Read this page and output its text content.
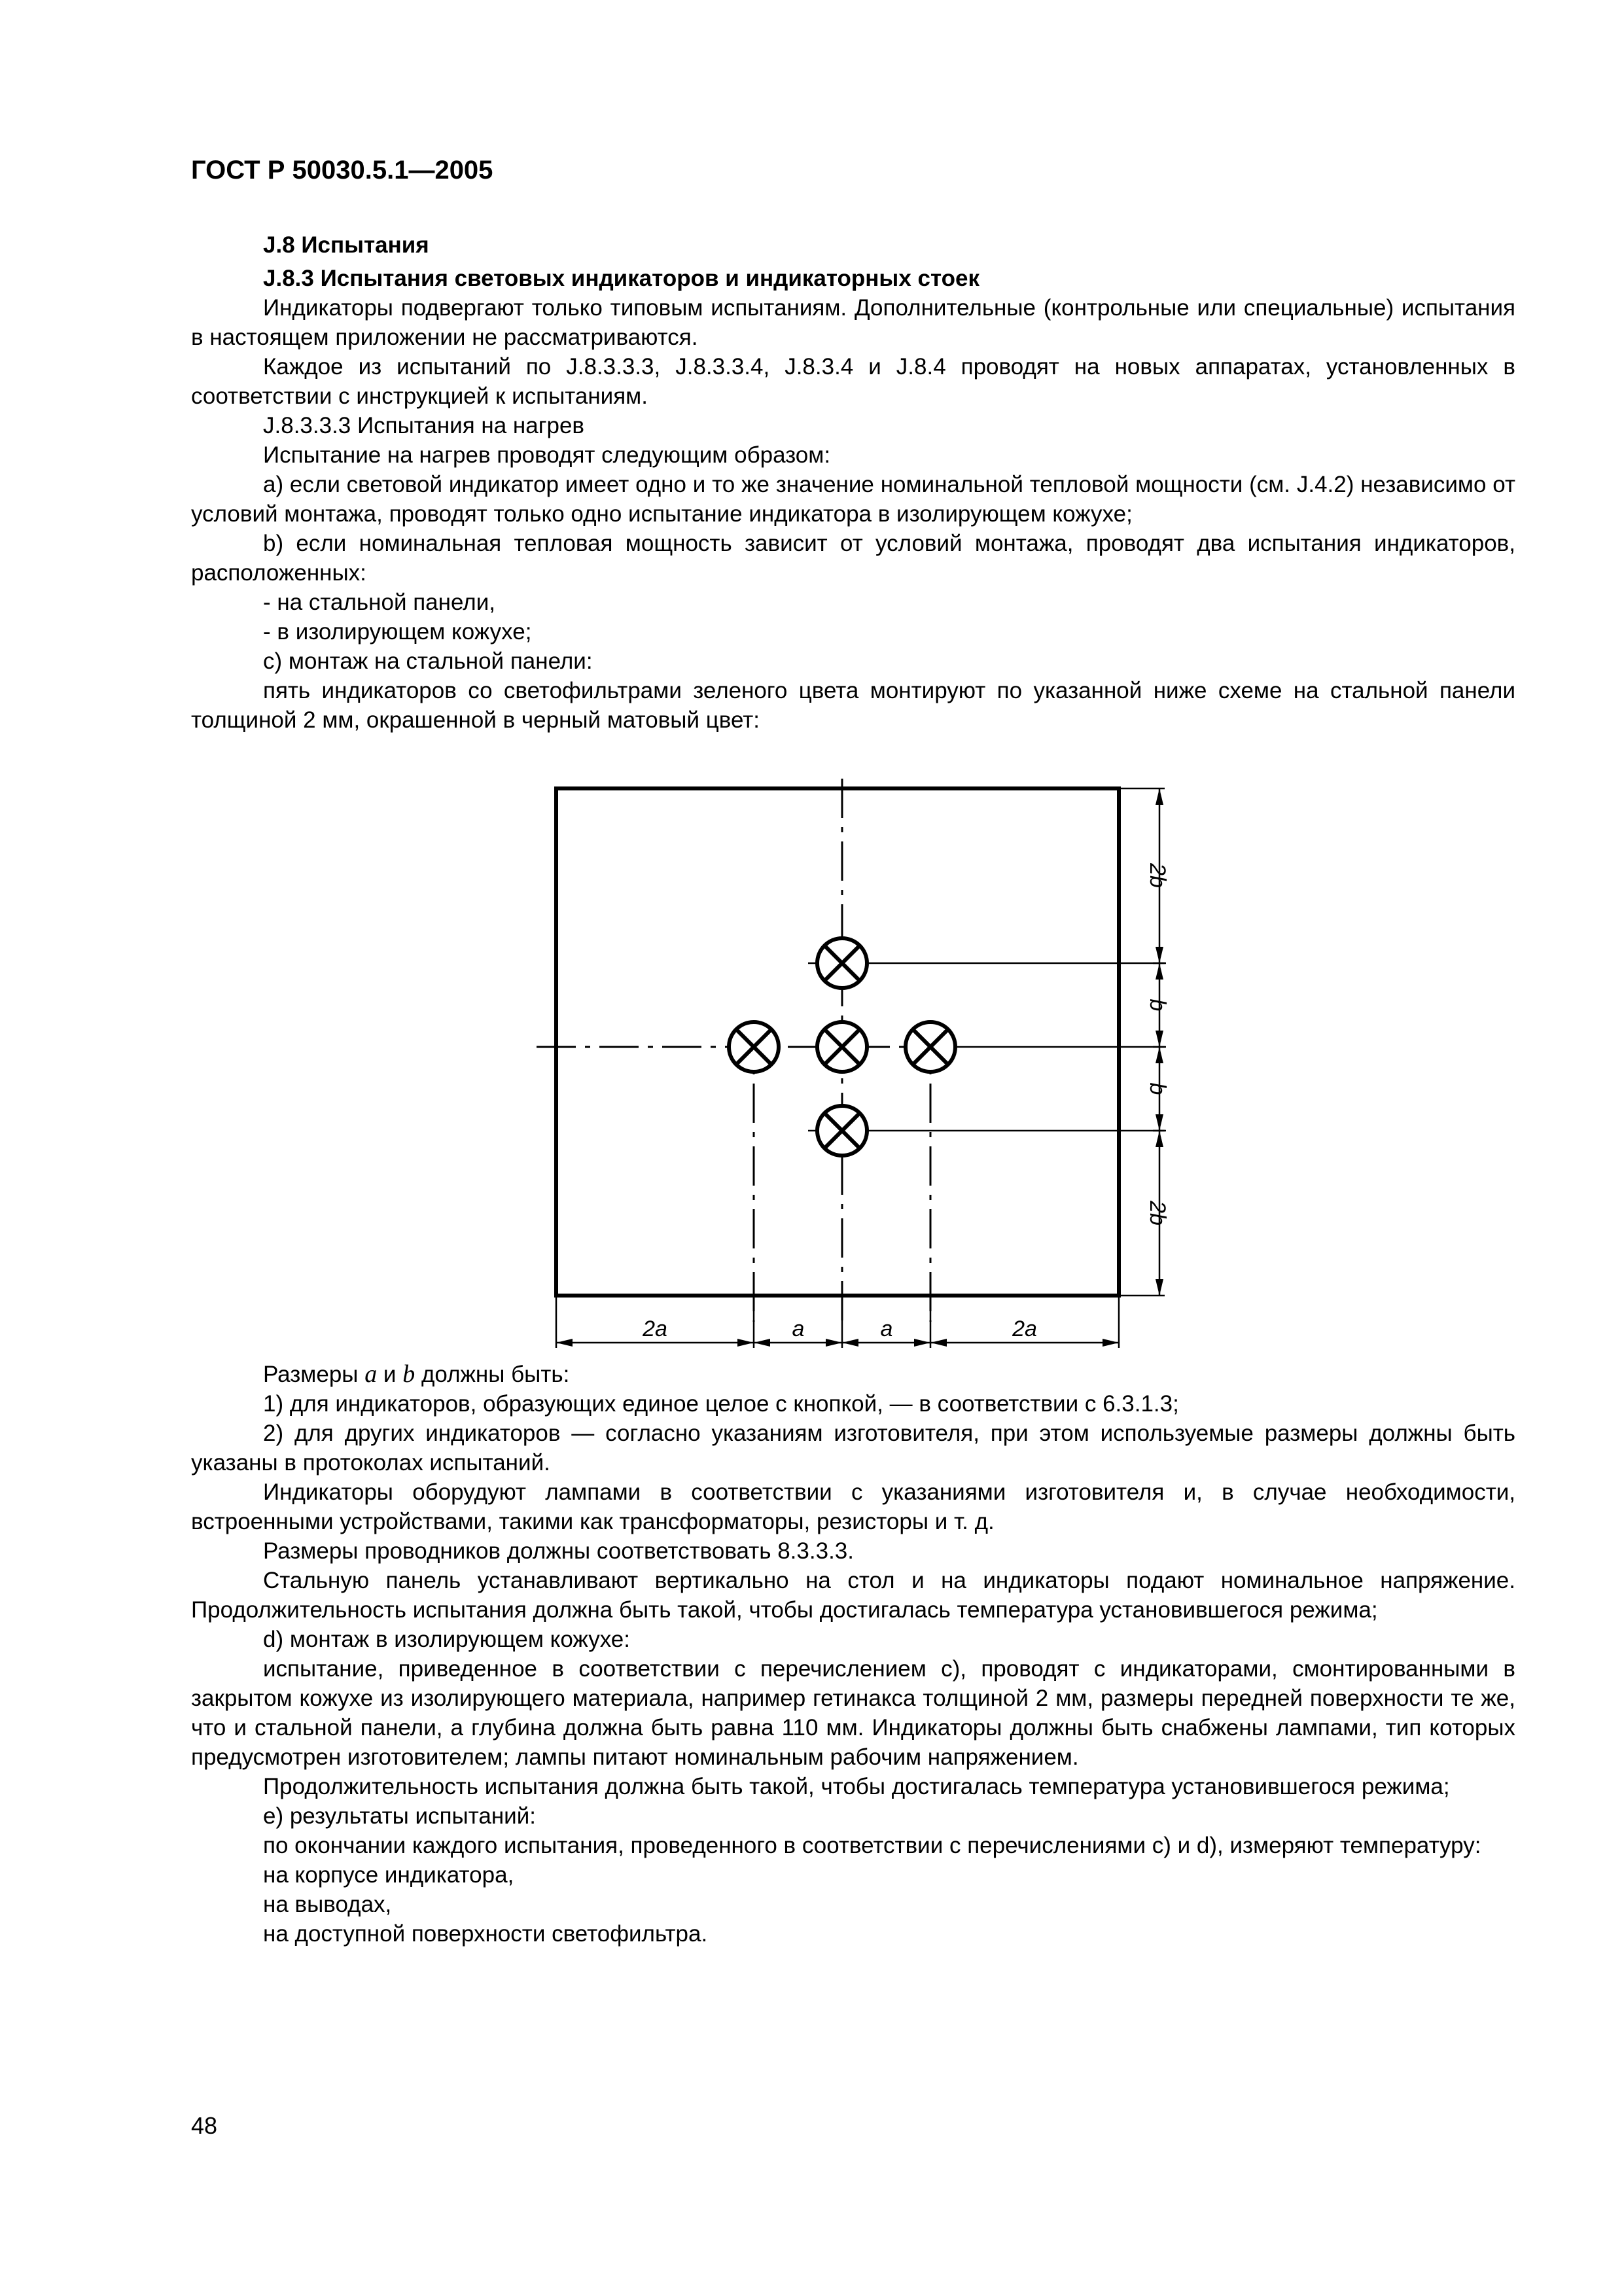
ГОСТ Р 50030.5.1—2005

J.8 Испытания

J.8.3 Испытания световых индикаторов и индикаторных стоек

Индикаторы подвергают только типовым испытаниям. Дополнительные (контрольные или специальные) испытания в настоящем приложении не рассматриваются.

Каждое из испытаний по J.8.3.3.3, J.8.3.3.4, J.8.3.4 и J.8.4 проводят на новых аппаратах, установленных в соответствии с инструкцией к испытаниям.

J.8.3.3.3 Испытания на нагрев

Испытание на нагрев проводят следующим образом:

a) если световой индикатор имеет одно и то же значение номинальной тепловой мощности (см. J.4.2) независимо от условий монтажа, проводят только одно испытание индикатора в изолирующем кожухе;

b) если номинальная тепловая мощность зависит от условий монтажа, проводят два испытания индикаторов, расположенных:

- на стальной панели,

- в изолирующем кожухе;

c) монтаж на стальной панели:

пять индикаторов со светофильтрами зеленого цвета монтируют по указанной ниже схеме на стальной панели толщиной 2 мм, окрашенной в черный матовый цвет:

2b
b
b
2b
2a	a	a	2a

Размеры a и b должны быть:

1) для индикаторов, образующих единое целое с кнопкой, — в соответствии с 6.3.1.3;

2) для других индикаторов — согласно указаниям изготовителя, при этом используемые размеры должны быть указаны в протоколах испытаний.

Индикаторы оборудуют лампами в соответствии с указаниями изготовителя и, в случае необходимости, встроенными устройствами, такими как трансформаторы, резисторы и т. д.

Размеры проводников должны соответствовать 8.3.3.3.

Стальную панель устанавливают вертикально на стол и на индикаторы подают номинальное напряжение. Продолжительность испытания должна быть такой, чтобы достигалась температура установившегося режима;

d) монтаж в изолирующем кожухе:

испытание, приведенное в соответствии с перечислением c), проводят с индикаторами, смонтированными в закрытом кожухе из изолирующего материала, например гетинакса толщиной 2 мм, размеры передней поверхности те же, что и стальной панели, а глубина должна быть равна 110 мм. Индикаторы должны быть снабжены лампами, тип которых предусмотрен изготовителем; лампы питают номинальным рабочим напряжением.

Продолжительность испытания должна быть такой, чтобы достигалась температура установившегося режима;

e) результаты испытаний:

по окончании каждого испытания, проведенного в соответствии с перечислениями c) и d), измеряют температуру:

на корпусе индикатора,

на выводах,

на доступной поверхности светофильтра.

48
